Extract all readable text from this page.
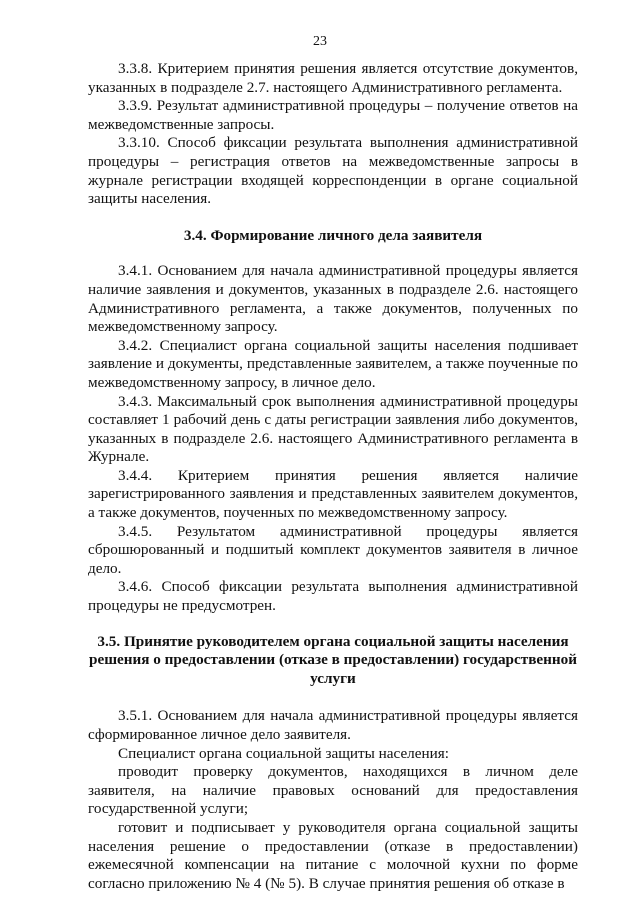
23

3.3.8. Критерием принятия решения является отсутствие документов, указанных в подразделе 2.7. настоящего Административного регламента.

3.3.9. Результат административной процедуры – получение ответов на межведомственные запросы.

3.3.10. Способ фиксации результата выполнения административной процедуры – регистрация ответов на межведомственные запросы в журнале регистрации входящей корреспонденции в органе социальной защиты населения.

3.4. Формирование личного дела заявителя

3.4.1. Основанием для начала административной процедуры является наличие заявления и документов, указанных в подразделе 2.6. настоящего Административного регламента, а также документов, полученных по межведомственному запросу.

3.4.2. Специалист органа социальной защиты населения подшивает заявление и документы, представленные заявителем, а также поученные по межведомственному запросу, в личное дело.

3.4.3. Максимальный срок выполнения административной процедуры составляет 1 рабочий день с даты регистрации заявления либо документов, указанных в подразделе 2.6. настоящего Административного регламента в Журнале.

3.4.4. Критерием принятия решения является наличие зарегистрированного заявления и представленных заявителем документов, а также документов, поученных по межведомственному запросу.

3.4.5. Результатом административной процедуры является сброшюрованный и подшитый комплект документов заявителя в личное дело.

3.4.6. Способ фиксации результата выполнения административной процедуры не предусмотрен.

3.5. Принятие руководителем органа социальной защиты населения решения о предоставлении (отказе в предоставлении) государственной услуги

3.5.1. Основанием для начала административной процедуры является сформированное личное дело заявителя.

Специалист органа социальной защиты населения:

проводит проверку документов, находящихся в личном деле заявителя, на наличие правовых оснований для предоставления государственной услуги;

готовит и подписывает у руководителя органа социальной защиты населения решение о предоставлении (отказе в предоставлении) ежемесячной компенсации на питание с молочной кухни по форме согласно приложению № 4 (№ 5). В случае принятия решения об отказе в
